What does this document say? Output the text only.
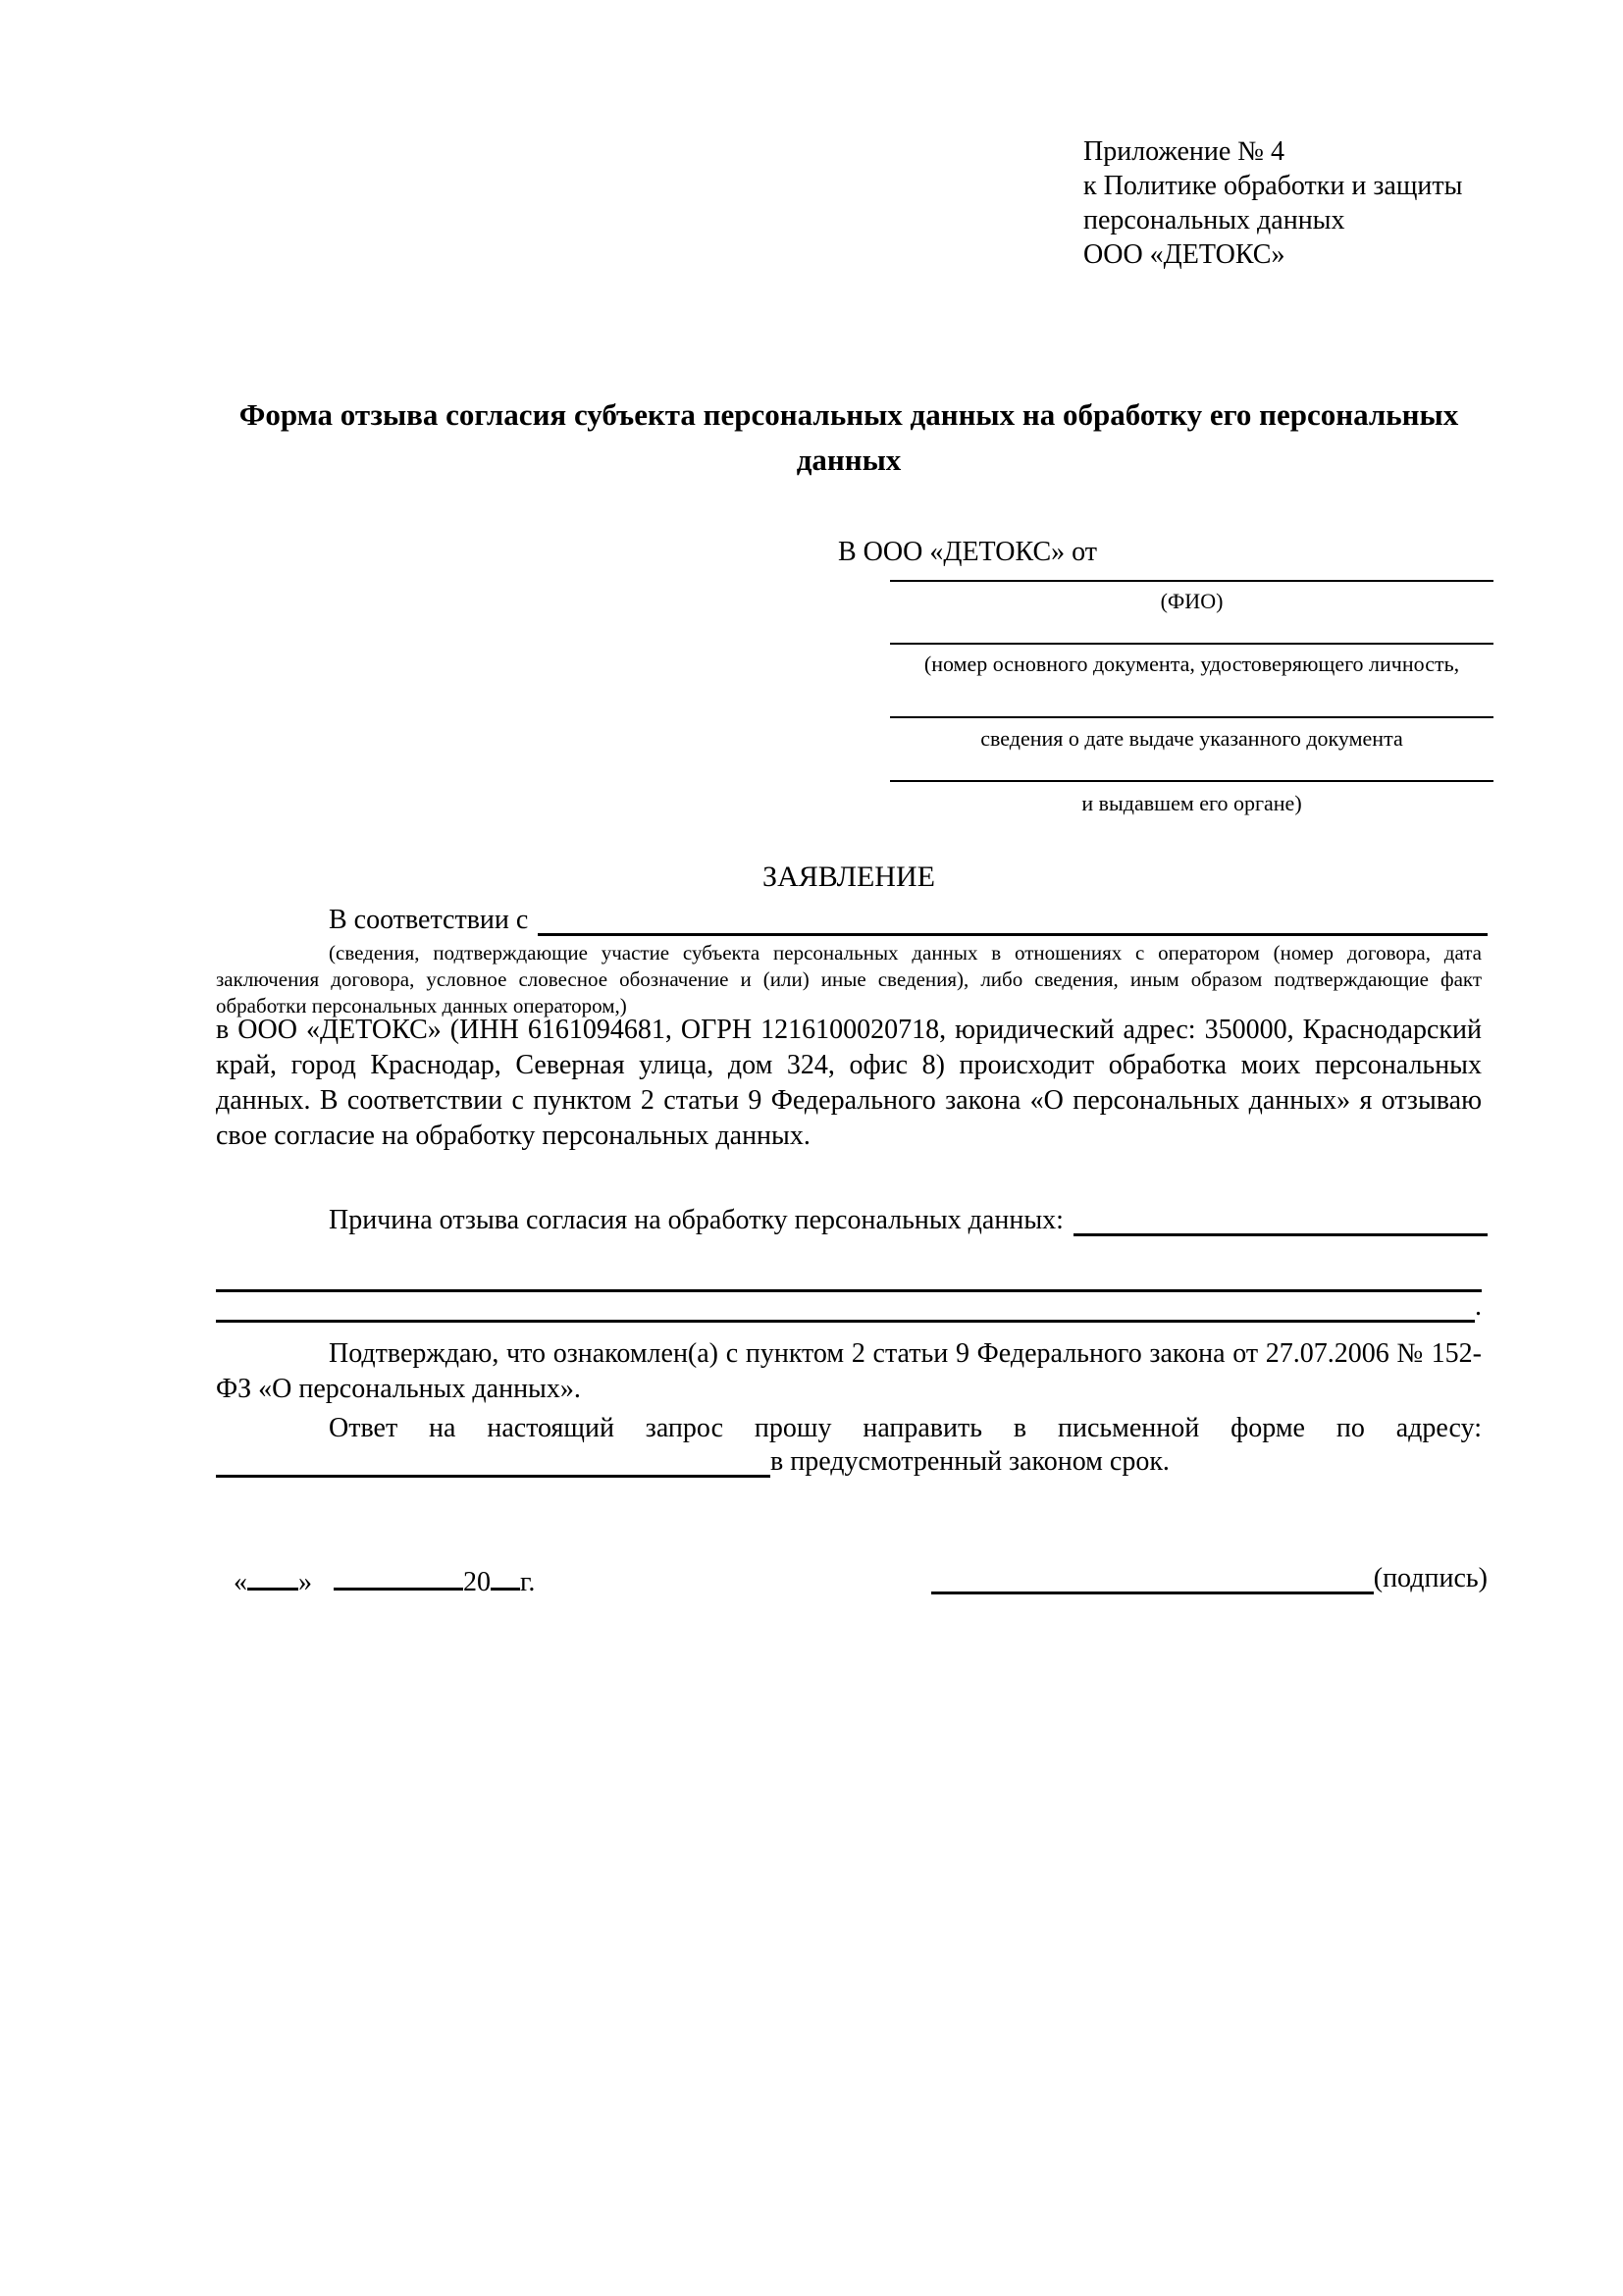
Приложение № 4
к Политике обработки и защиты
персональных данных
ООО «ДЕТОКС»
Форма отзыва согласия субъекта персональных данных на обработку его персональных данных
В ООО «ДЕТОКС» от
(ФИО)
(номер основного документа, удостоверяющего личность,
сведения о дате выдаче указанного документа
и выдавшем его органе)
ЗАЯВЛЕНИЕ
В соответствии с
(сведения, подтверждающие участие субъекта персональных данных в отношениях с оператором (номер договора, дата заключения договора, условное словесное обозначение и (или) иные сведения), либо сведения, иным образом подтверждающие факт обработки персональных данных оператором,)
в ООО «ДЕТОКС» (ИНН 6161094681, ОГРН 1216100020718, юридический адрес: 350000, Краснодарский край, город Краснодар, Северная улица, дом 324, офис 8) происходит обработка моих персональных данных. В соответствии с пунктом 2 статьи 9 Федерального закона «О персональных данных» я отзываю свое согласие на обработку персональных данных.
Причина отзыва согласия на обработку персональных данных:
.
Подтверждаю, что ознакомлен(а) с пунктом 2 статьи 9 Федерального закона от 27.07.2006 № 152-ФЗ «О персональных данных».
Ответ на настоящий запрос прошу направить в письменной форме по адресу:
в предусмотренный законом срок.
« »	20 г.	(подпись)
